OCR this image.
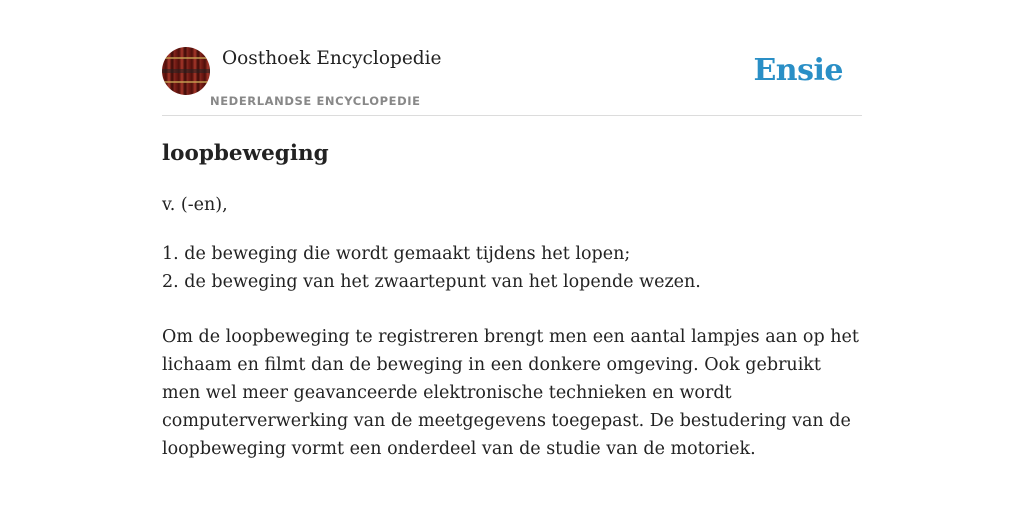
Oosthoek Encyclopedie
NEDERLANDSE ENCYCLOPEDIE
Ensie
loopbeweging

v. (-en),

1. de beweging die wordt gemaakt tijdens het lopen;
2. de beweging van het zwaartepunt van het lopende wezen.

Om de loopbeweging te registreren brengt men een aantal lampjes aan op het lichaam en filmt dan de beweging in een donkere omgeving. Ook gebruikt men wel meer geavanceerde elektronische technieken en wordt computerverwerking van de meetgegevens toegepast. De bestudering van de loopbeweging vormt een onderdeel van de studie van de motoriek.
